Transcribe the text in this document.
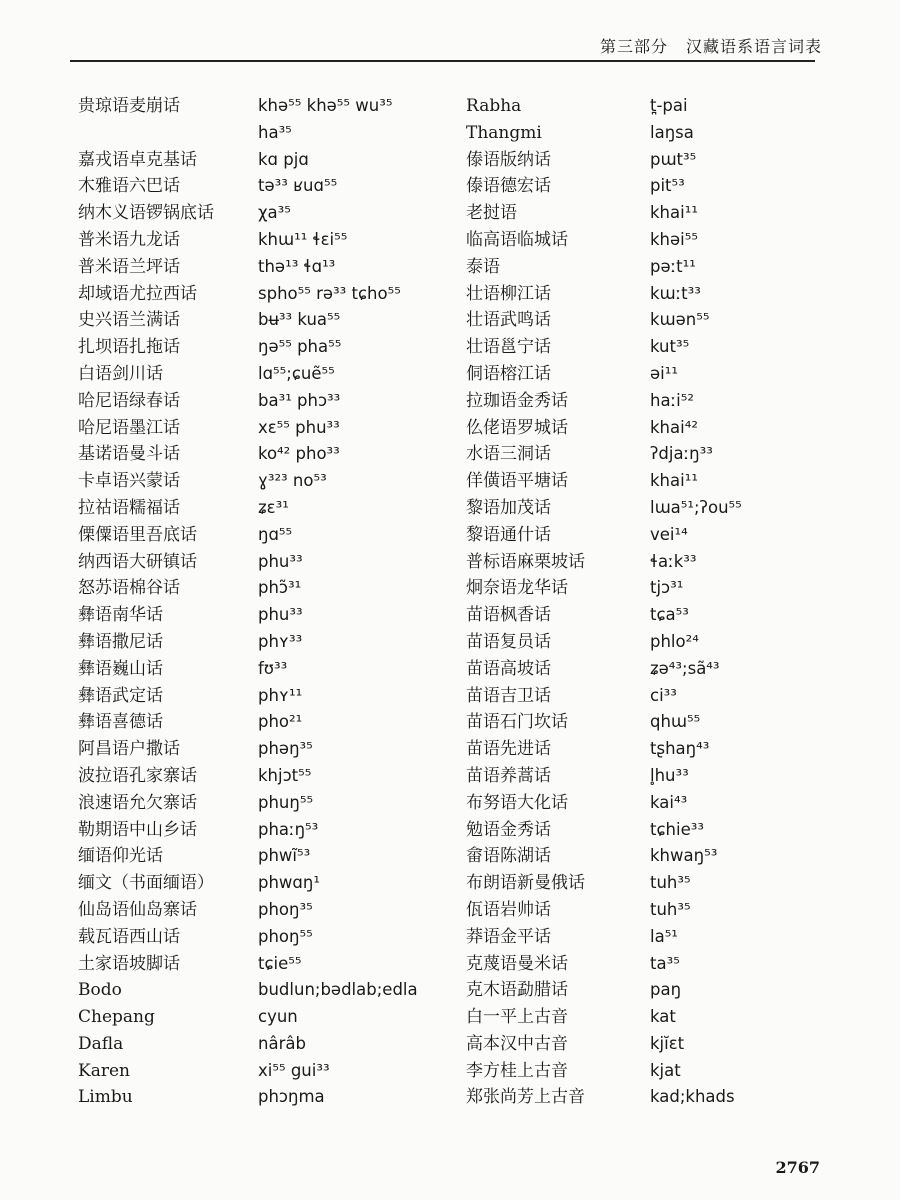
第三部分 汉藏语系语言词表
贵琼语麦崩话
嘉戎语卓克基话
木雅语六巴话
纳木义语锣锅底话
普米语九龙话
普米语兰坪话
却域语尤拉西话
史兴语兰满话
扎坝语扎拖话
白语剑川话
哈尼语绿春话
哈尼语墨江话
基诺语曼斗话
卡卓语兴蒙话
拉祜语糯福话
傈僳语里吾底话
纳西语大研镇话
怒苏语棉谷话
彝语南华话
彝语撒尼话
彝语巍山话
彝语武定话
彝语喜德话
阿昌语户撒话
波拉语孔家寨话
浪速语允欠寨话
勒期语中山乡话
缅语仰光话
缅文（书面缅语）
仙岛语仙岛寨话
载瓦语西山话
土家语坡脚话
Bodo
Chepang
Dafla
Karen
Limbu
khə⁵⁵ khə⁵⁵ wu³⁵
ha³⁵
kɑ pjɑ
tə³³ ʁuɑ⁵⁵
χa³⁵
khɯ¹¹ ɬɛi⁵⁵
thə¹³ ɬɑ¹³
spho⁵⁵ rə³³ tɕho⁵⁵
bʉ³³ kua⁵⁵
ŋə⁵⁵ pha⁵⁵
lɑ⁵⁵;ɕuẽ⁵⁵
ba³¹ phɔ³³
xɛ⁵⁵ phu³³
ko⁴² pho³³
ɣ³²³ no⁵³
ʑɛ³¹
ŋɑ⁵⁵
phu³³
phɔ̃³¹
phu³³
phʏ³³
fʊ³³
phʏ¹¹
pho²¹
phəŋ³⁵
khjɔt⁵⁵
phuŋ⁵⁵
phaːŋ⁵³
phwĩ⁵³
phwɑŋ¹
phoŋ³⁵
phoŋ⁵⁵
tɕie⁵⁵
budlun;bədlab;edla
cyun
nârâb
xi⁵⁵ gui³³
phɔŋma
Rabha
Thangmi
傣语版纳话
傣语德宏话
老挝语
临高语临城话
泰语
壮语柳江话
壮语武鸣话
壮语邕宁话
侗语榕江话
拉珈语金秀话
仫佬语罗城话
水语三洞话
佯僙语平塘话
黎语加茂话
黎语通什话
普标语麻栗坡话
炯奈语龙华话
苗语枫香话
苗语复员话
苗语高坡话
苗语吉卫话
苗语石门坎话
苗语先进话
苗语养蒿话
布努语大化话
勉语金秀话
畲语陈湖话
布朗语新曼俄话
佤语岩帅话
莽语金平话
克蔑语曼米话
克木语勐腊话
白一平上古音
高本汉中古音
李方桂上古音
郑张尚芳上古音
t̪-pai
laŋsa
pɯt³⁵
pit⁵³
khai¹¹
khəi⁵⁵
pəːt¹¹
kɯːt³³
kɯən⁵⁵
kut³⁵
əi¹¹
haːi⁵²
khai⁴²
ʔdjaːŋ³³
khai¹¹
lɯa⁵¹;ʔou⁵⁵
vei¹⁴
ɬaːk³³
tjɔ³¹
tɕa⁵³
phlo²⁴
ʑə⁴³;sã⁴³
ci³³
qhɯ⁵⁵
tʂhaŋ⁴³
l̥hu³³
kai⁴³
tɕhie³³
khwaŋ⁵³
tuh³⁵
tuh³⁵
la⁵¹
ta³⁵
paŋ
kat
kjĭɛt
kjat
kad;khads
2767
